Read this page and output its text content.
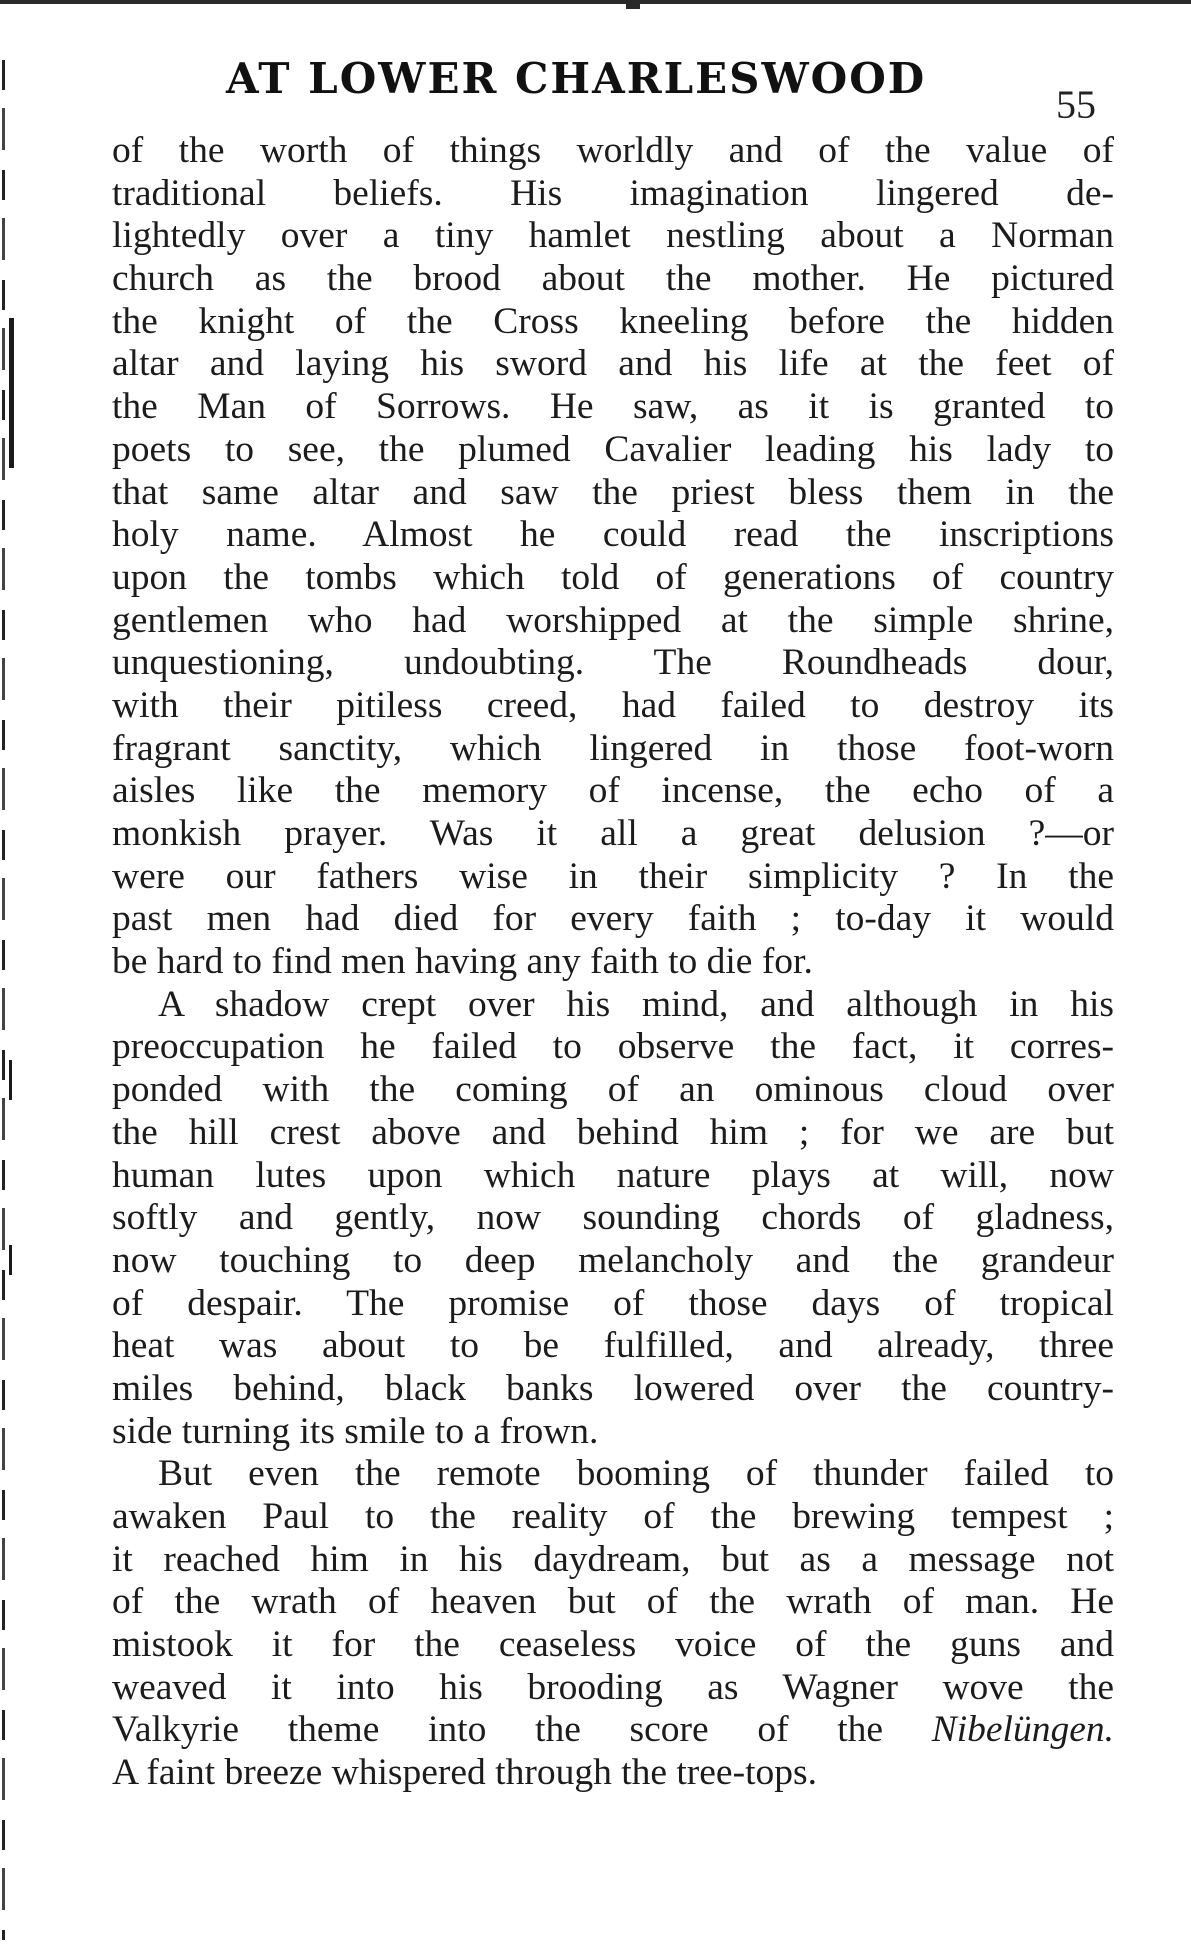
AT LOWER CHARLESWOOD
55
of the worth of things worldly and of the value of
traditional beliefs. His imagination lingered de-
lightedly over a tiny hamlet nestling about a Norman
church as the brood about the mother. He pictured
the knight of the Cross kneeling before the hidden
altar and laying his sword and his life at the feet of
the Man of Sorrows. He saw, as it is granted to
poets to see, the plumed Cavalier leading his lady to
that same altar and saw the priest bless them in the
holy name. Almost he could read the inscriptions
upon the tombs which told of generations of country
gentlemen who had worshipped at the simple shrine,
unquestioning, undoubting. The Roundheads dour,
with their pitiless creed, had failed to destroy its
fragrant sanctity, which lingered in those foot-worn
aisles like the memory of incense, the echo of a
monkish prayer. Was it all a great delusion ?—or
were our fathers wise in their simplicity ? In the
past men had died for every faith ; to-day it would
be hard to find men having any faith to die for.
A shadow crept over his mind, and although in his
preoccupation he failed to observe the fact, it corres-
ponded with the coming of an ominous cloud over
the hill crest above and behind him ; for we are but
human lutes upon which nature plays at will, now
softly and gently, now sounding chords of gladness,
now touching to deep melancholy and the grandeur
of despair. The promise of those days of tropical
heat was about to be fulfilled, and already, three
miles behind, black banks lowered over the country-
side turning its smile to a frown.
But even the remote booming of thunder failed to
awaken Paul to the reality of the brewing tempest ;
it reached him in his daydream, but as a message not
of the wrath of heaven but of the wrath of man. He
mistook it for the ceaseless voice of the guns and
weaved it into his brooding as Wagner wove the
Valkyrie theme into the score of the Nibelüngen.
A faint breeze whispered through the tree-tops.
